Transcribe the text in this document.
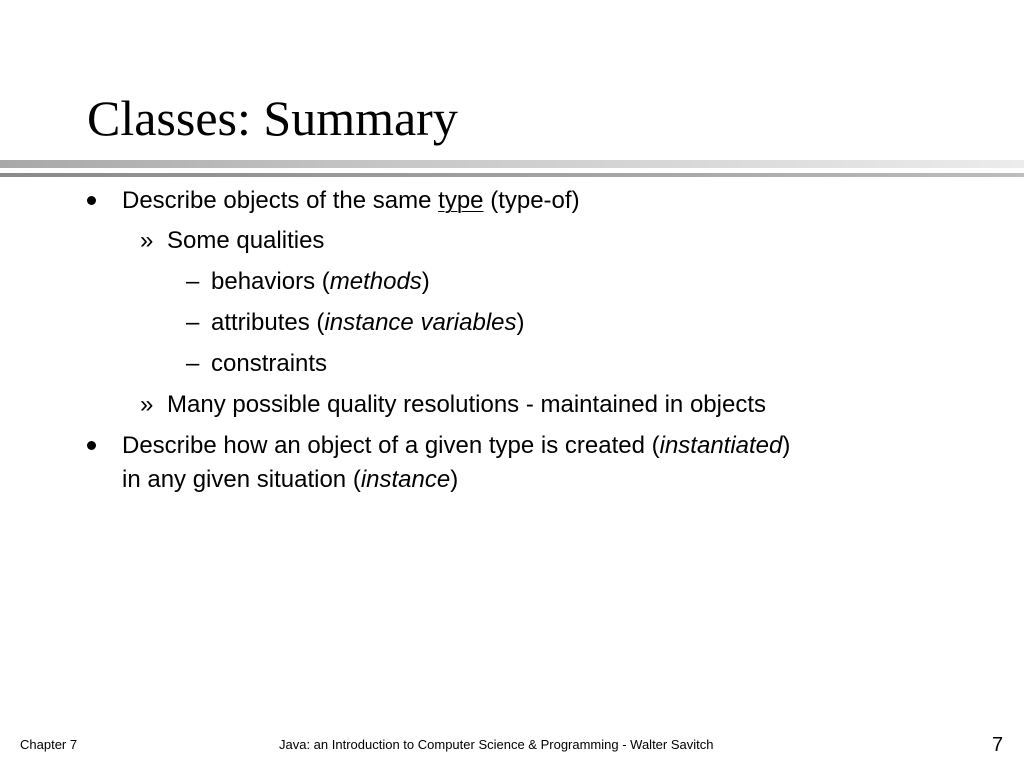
Classes: Summary
Describe objects of the same type (type-of)
» Some qualities
– behaviors (methods)
– attributes (instance variables)
– constraints
» Many possible quality resolutions - maintained in objects
Describe how an object of a given type is created (instantiated)
in any given situation (instance)
Chapter 7	Java: an Introduction to Computer Science & Programming - Walter Savitch	7
